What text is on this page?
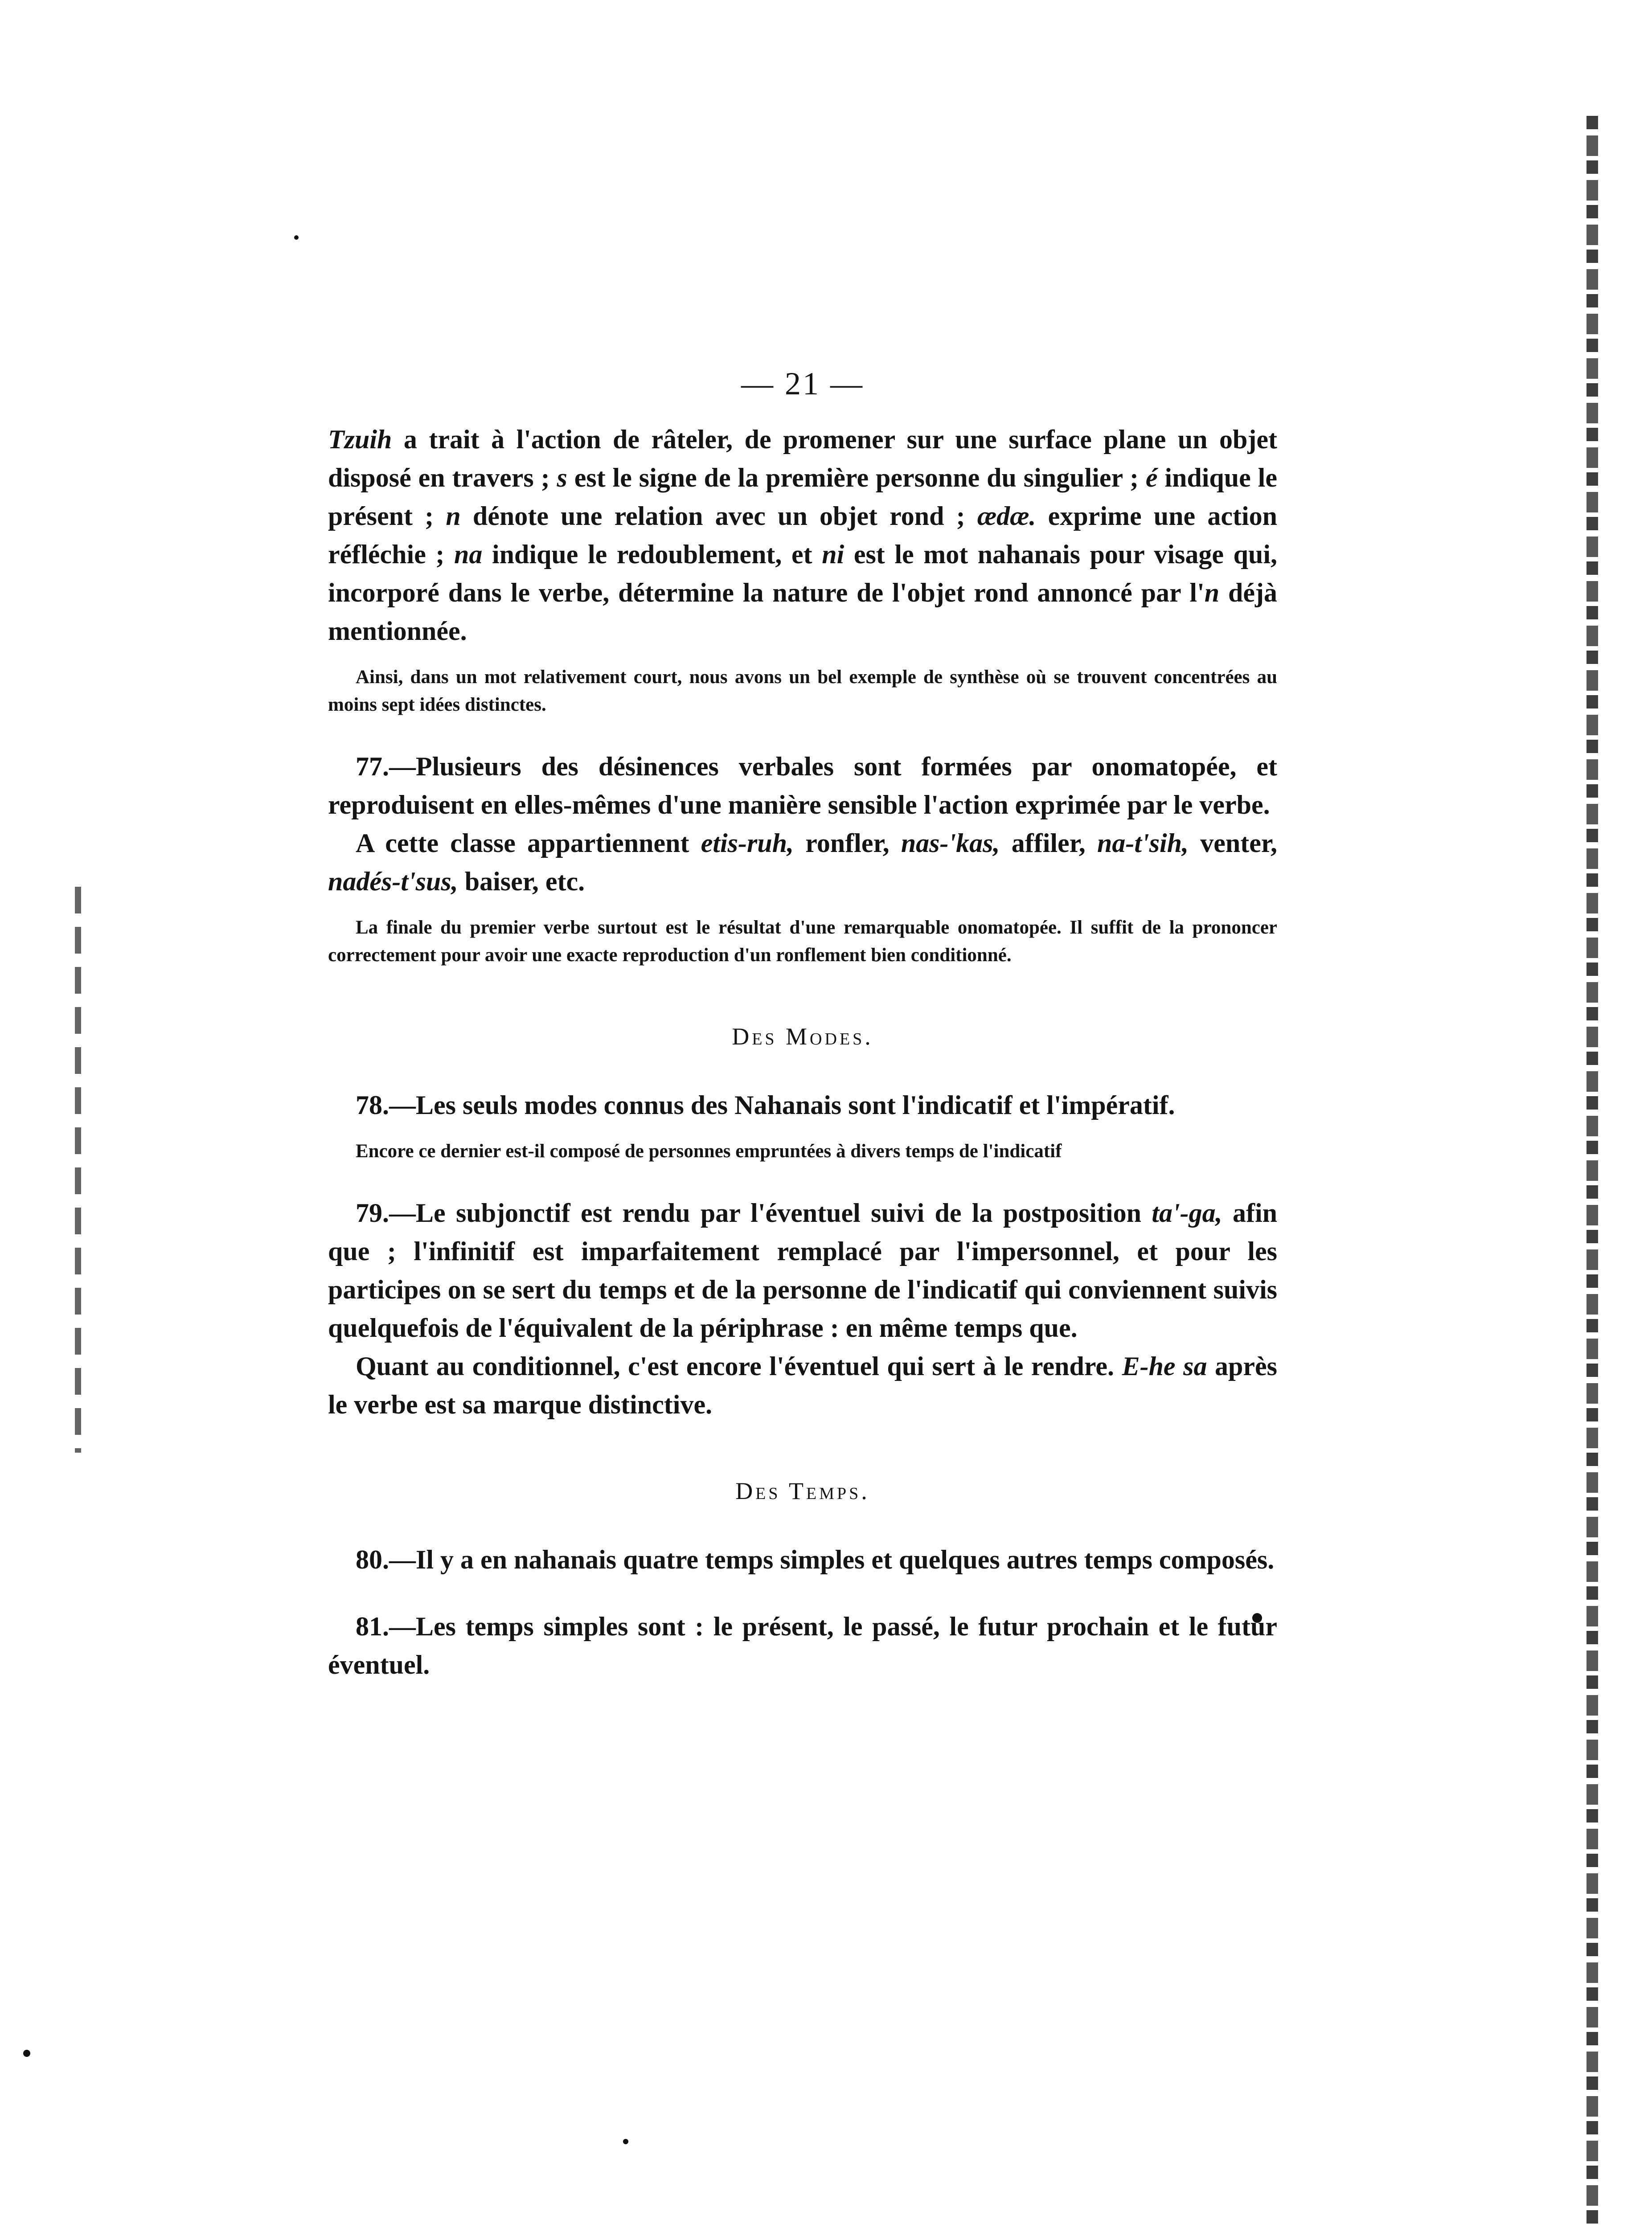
— 21 —

Tzuih a trait à l'action de râteler, de promener sur une surface plane un objet disposé en travers ; s est le signe de la première personne du singulier ; é indique le présent ; n dénote une relation avec un objet rond ; ædæ. exprime une action réfléchie ; na indique le redoublement, et ni est le mot nahanais pour visage qui, incorporé dans le verbe, détermine la nature de l'objet rond annoncé par l'n déjà mentionnée.

Ainsi, dans un mot relativement court, nous avons un bel exemple de synthèse où se trouvent concentrées au moins sept idées distinctes.

77.—Plusieurs des désinences verbales sont formées par onomatopée, et reproduisent en elles-mêmes d'une manière sensible l'action exprimée par le verbe.

A cette classe appartiennent etis-ruh, ronfler, nas-'kas, affiler, na-t'sih, venter, nadés-t'sus, baiser, etc.

La finale du premier verbe surtout est le résultat d'une remarquable onomatopée. Il suffit de la prononcer correctement pour avoir une exacte reproduction d'un ronflement bien conditionné.

Des Modes.

78.—Les seuls modes connus des Nahanais sont l'indicatif et l'impératif.

Encore ce dernier est-il composé de personnes empruntées à divers temps de l'indicatif

79.—Le subjonctif est rendu par l'éventuel suivi de la postposition ta'-ga, afin que ; l'infinitif est imparfaitement remplacé par l'impersonnel, et pour les participes on se sert du temps et de la personne de l'indicatif qui conviennent suivis quelquefois de l'équivalent de la périphrase : en même temps que.

Quant au conditionnel, c'est encore l'éventuel qui sert à le rendre. E-he sa après le verbe est sa marque distinctive.

Des Temps.

80.—Il y a en nahanais quatre temps simples et quelques autres temps composés.

81.—Les temps simples sont : le présent, le passé, le futur prochain et le futur éventuel.
